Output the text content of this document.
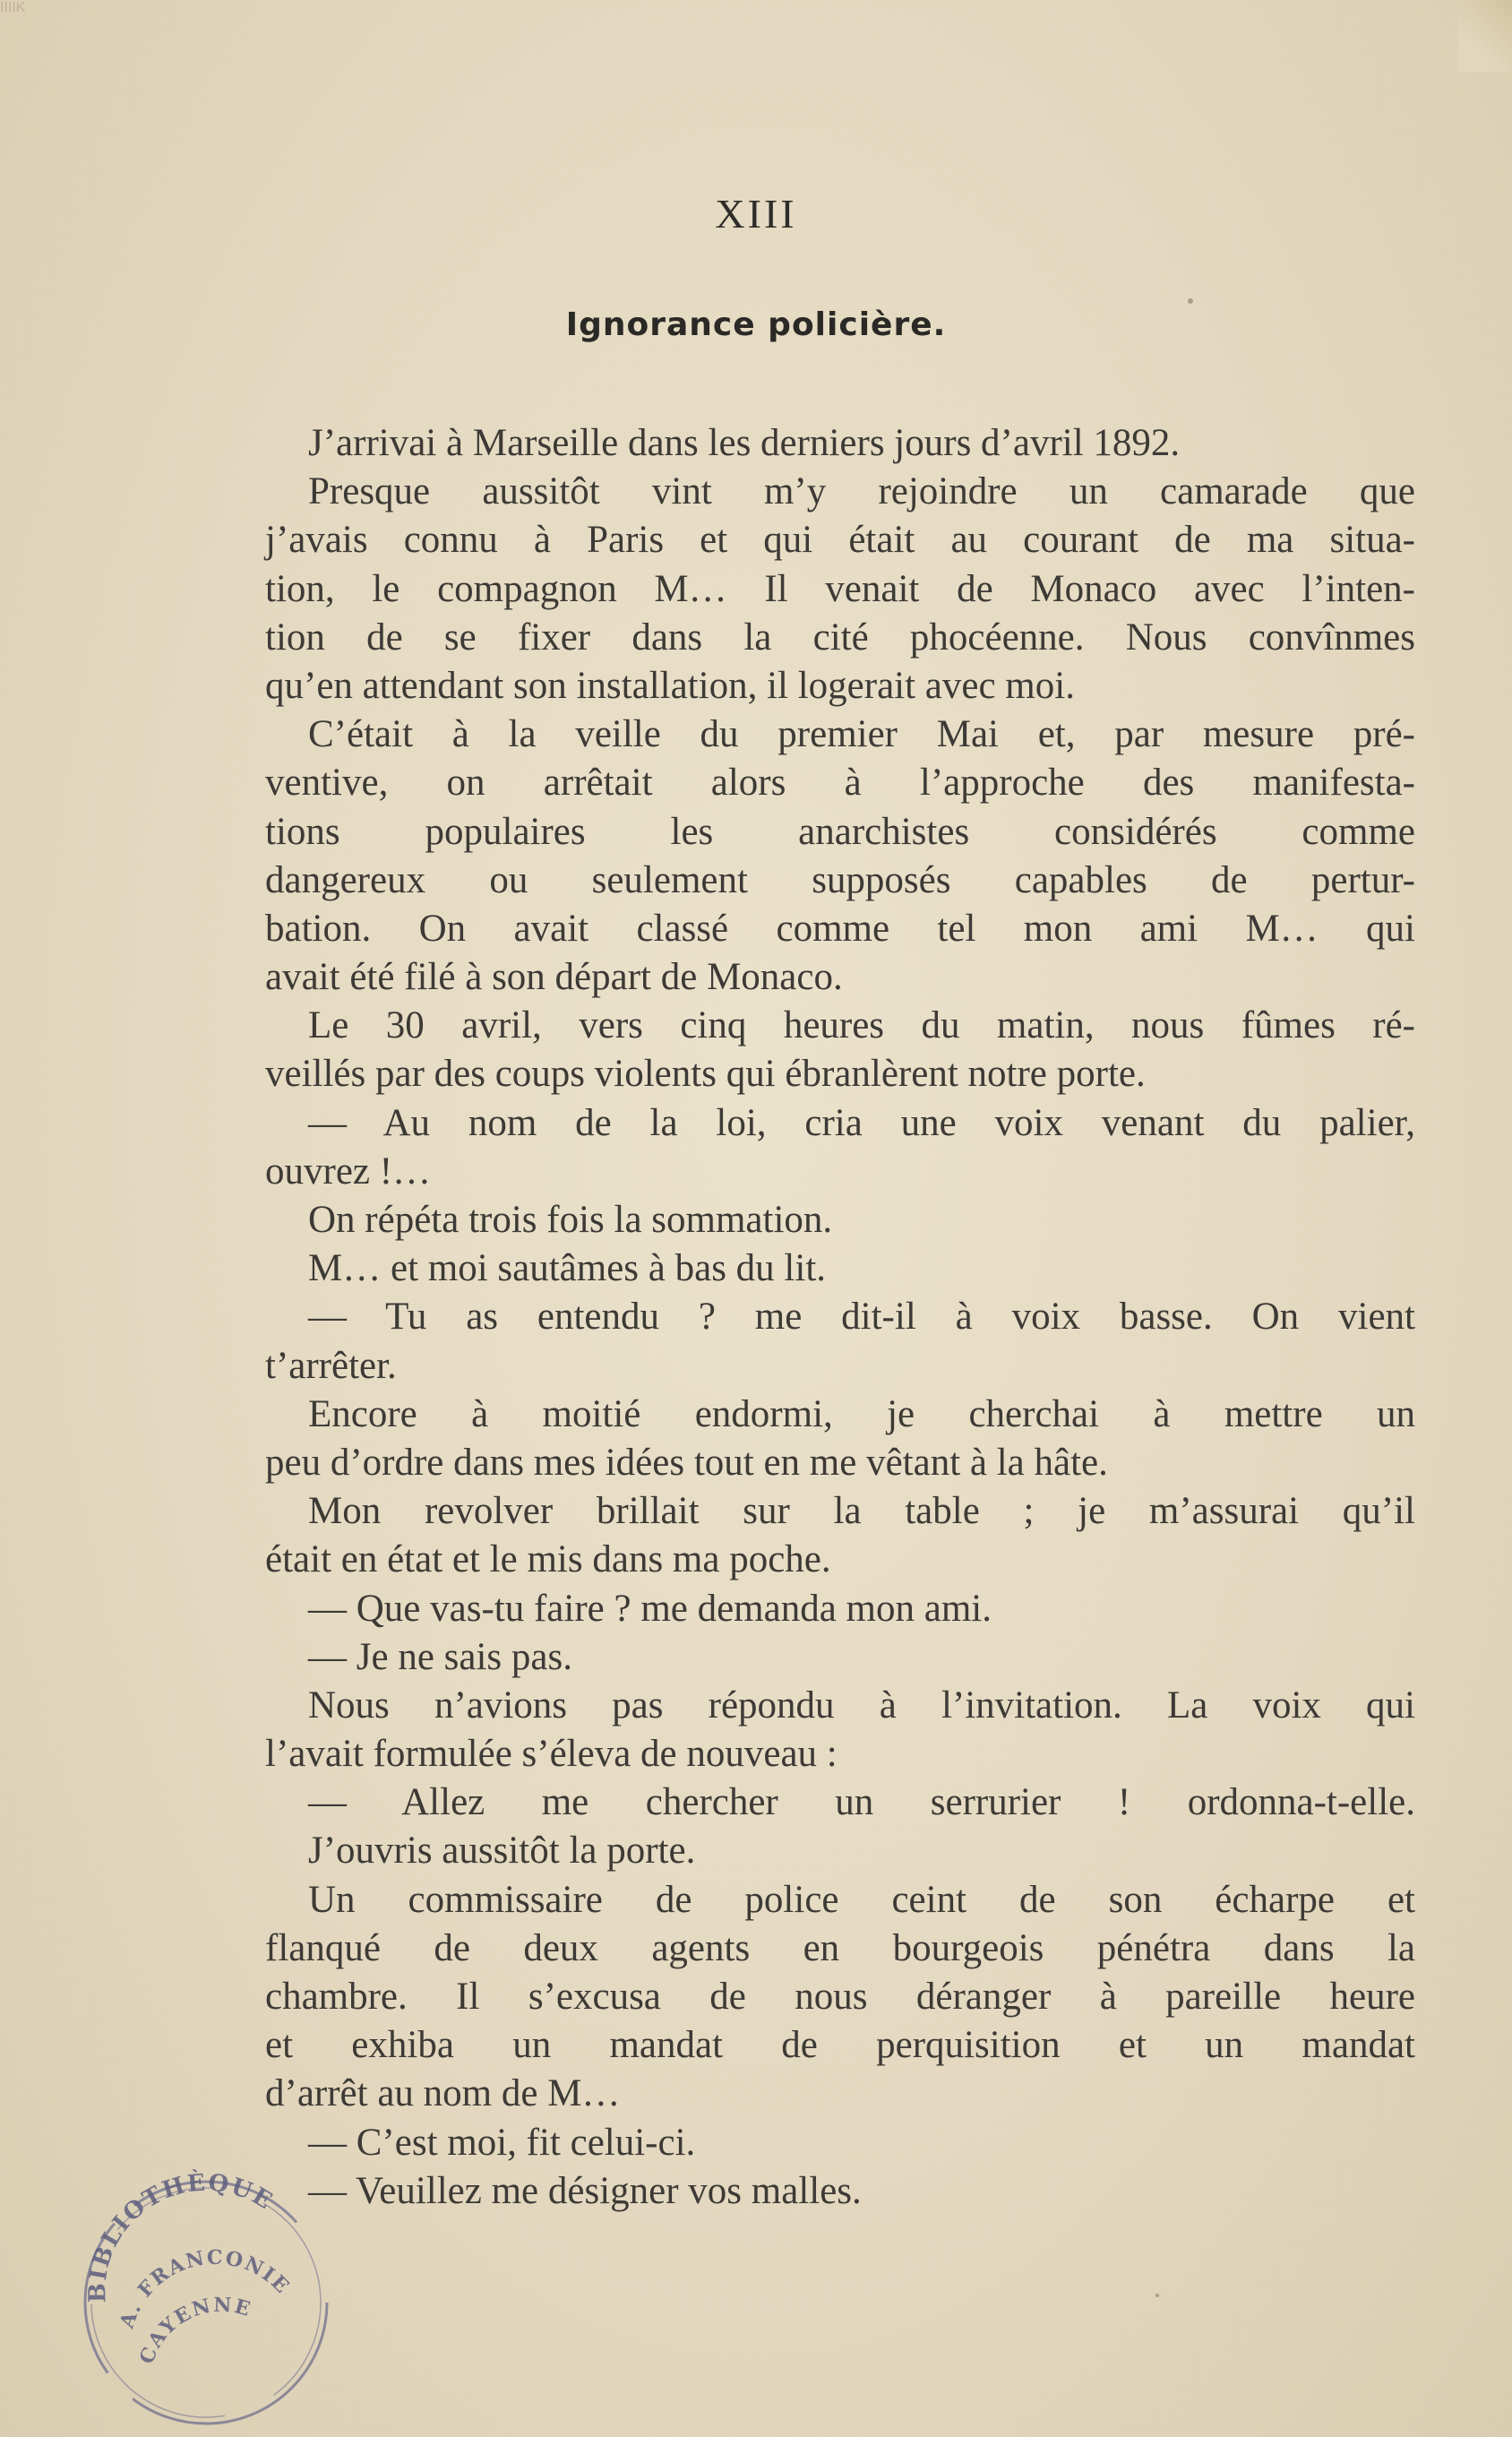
IIIIK
XIII
Ignorance policière.
J’arrivai à Marseille dans les derniers jours d’avril 1892.
Presque aussitôt vint m’y rejoindre un camarade que
j’avais connu à Paris et qui était au courant de ma situa-
tion, le compagnon M… Il venait de Monaco avec l’inten-
tion de se fixer dans la cité phocéenne. Nous convînmes
qu’en attendant son installation, il logerait avec moi.
C’était à la veille du premier Mai et, par mesure pré-
ventive, on arrêtait alors à l’approche des manifesta-
tions populaires les anarchistes considérés comme
dangereux ou seulement supposés capables de pertur-
bation. On avait classé comme tel mon ami M… qui
avait été filé à son départ de Monaco.
Le 30 avril, vers cinq heures du matin, nous fûmes ré-
veillés par des coups violents qui ébranlèrent notre porte.
— Au nom de la loi, cria une voix venant du palier,
ouvrez !…
On répéta trois fois la sommation.
M… et moi sautâmes à bas du lit.
— Tu as entendu ? me dit-il à voix basse. On vient
t’arrêter.
Encore à moitié endormi, je cherchai à mettre un
peu d’ordre dans mes idées tout en me vêtant à la hâte.
Mon revolver brillait sur la table ; je m’assurai qu’il
était en état et le mis dans ma poche.
— Que vas-tu faire ? me demanda mon ami.
— Je ne sais pas.
Nous n’avions pas répondu à l’invitation. La voix qui
l’avait formulée s’éleva de nouveau :
— Allez me chercher un serrurier ! ordonna-t-elle.
J’ouvris aussitôt la porte.
Un commissaire de police ceint de son écharpe et
flanqué de deux agents en bourgeois pénétra dans la
chambre. Il s’excusa de nous déranger à pareille heure
et exhiba un mandat de perquisition et un mandat
d’arrêt au nom de M…
— C’est moi, fit celui-ci.
— Veuillez me désigner vos malles.
BIBLIOTHÈQUE
A. FRANCONIE
CAYENNE
